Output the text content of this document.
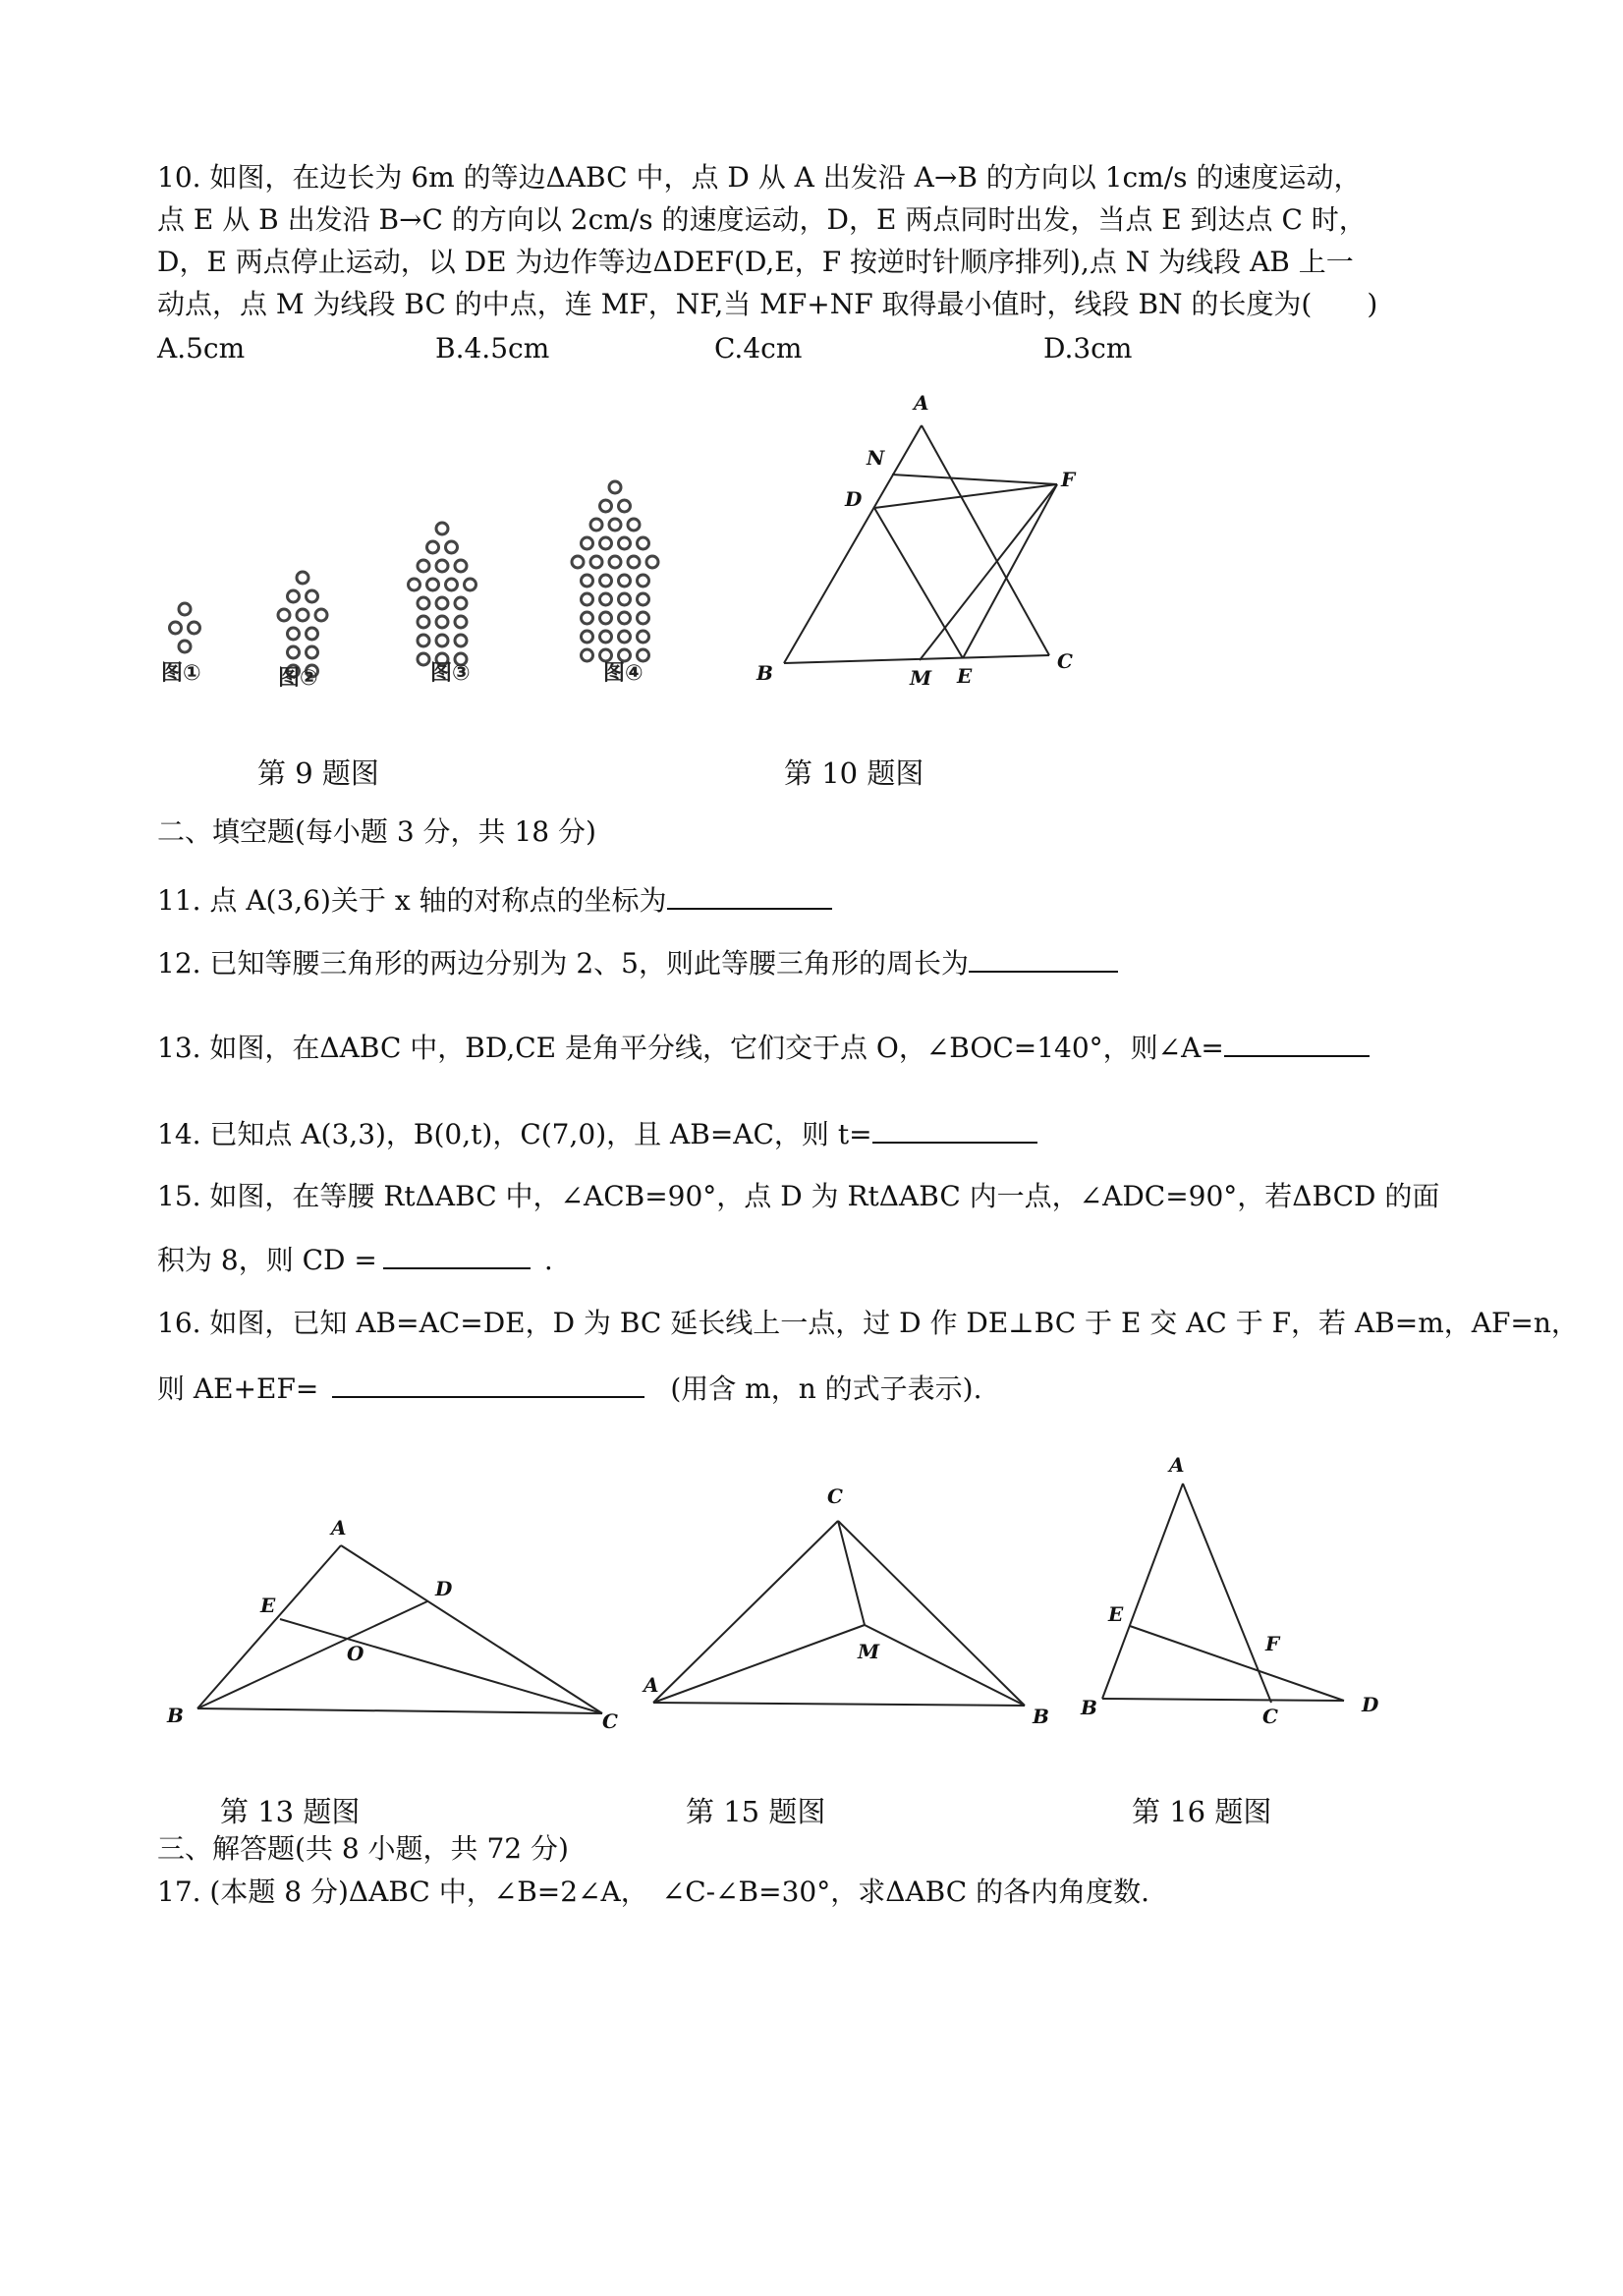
10. 如图，在边长为 6m 的等边ΔABC 中，点 D 从 A 出发沿 A→B 的方向以 1cm/s 的速度运动，
点 E 从 B 出发沿 B→C 的方向以 2cm/s 的速度运动，D，E 两点同时出发，当点 E 到达点 C 时，
D，E 两点停止运动，以 DE 为边作等边ΔDEF(D,E，F 按逆时针顺序排列),点 N 为线段 AB 上一
动点，点 M 为线段 BC 的中点，连 MF，NF,当 MF+NF 取得最小值时，线段 BN 的长度为(　　)
A.5cm	B.4.5cm	C.4cm	D.3cm
图①	图②	图③	图④
第 9 题图
A
N
D
F
B	M E
C
第 10 题图
二、填空题(每小题 3 分，共 18 分)
11. 点 A(3,6)关于 x 轴的对称点的坐标为
12. 已知等腰三角形的两边分别为 2、5，则此等腰三角形的周长为
13. 如图，在ΔABC 中，BD,CE 是角平分线，它们交于点 O，∠BOC=140°，则∠A=
14. 已知点 A(3,3)，B(0,t)，C(7,0)，且 AB=AC，则 t=
15. 如图，在等腰 RtΔABC 中，∠ACB=90°，点 D 为 RtΔABC 内一点，∠ADC=90°，若ΔBCD 的面
积为 8，则 CD =	.
16. 如图，已知 AB=AC=DE，D 为 BC 延长线上一点，过 D 作 DE⊥BC 于 E 交 AC 于 F，若 AB=m，AF=n，
则 AE+EF=	(用含 m，n 的式子表示).
A
E
D
O
B	C
第 13 题图
C
M
A
B
第 15 题图
A
E
F
B	C	D
第 16 题图
三、解答题(共 8 小题，共 72 分)
17. (本题 8 分)ΔABC 中，∠B=2∠A，　∠C-∠B=30°，求ΔABC 的各内角度数.
